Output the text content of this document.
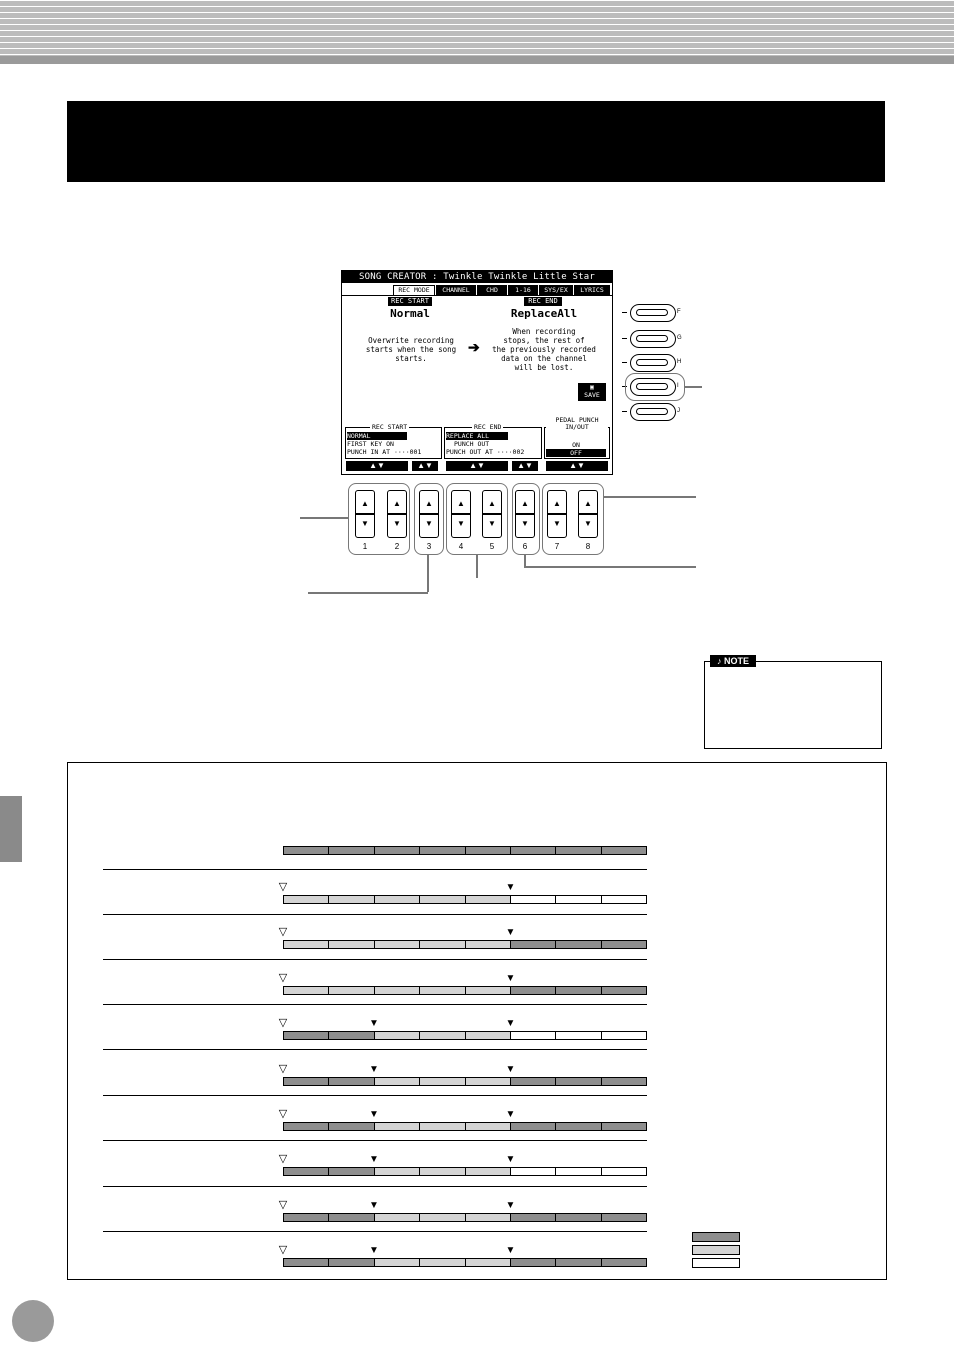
SONG CREATOR : Twinkle Twinkle Little Star
REC MODE	CHANNEL	CHD	1-16	SYS/EX	LYRICS
REC START
Normal
REC END
ReplaceAll
Overwrite recording
starts when the song
starts.
➔
When recording
stops, the rest of
the previously recorded
data on the channel
will be lost.
▣
SAVE
REC START
NORMAL
FIRST KEY ON
PUNCH IN AT ····001
REC END
REPLACE ALL
PUNCH OUT
PUNCH OUT AT ····002
PEDAL PUNCH IN/OUT
ON
OFF
▲▼	▲▼	▲▼	▲▼	▲▼
F
G
H
I
J
▲
▼
1
▲
▼
2
▲
▼
3
▲
▼
4
▲
▼
5
▲
▼
6
▲
▼
7
▲
▼
8
♪ NOTE
▽	▼
▽	▼
▽	▼
▽	▼	▼
▽	▼	▼
▽	▼	▼
▽	▼	▼
▽	▼	▼
▽	▼	▼
